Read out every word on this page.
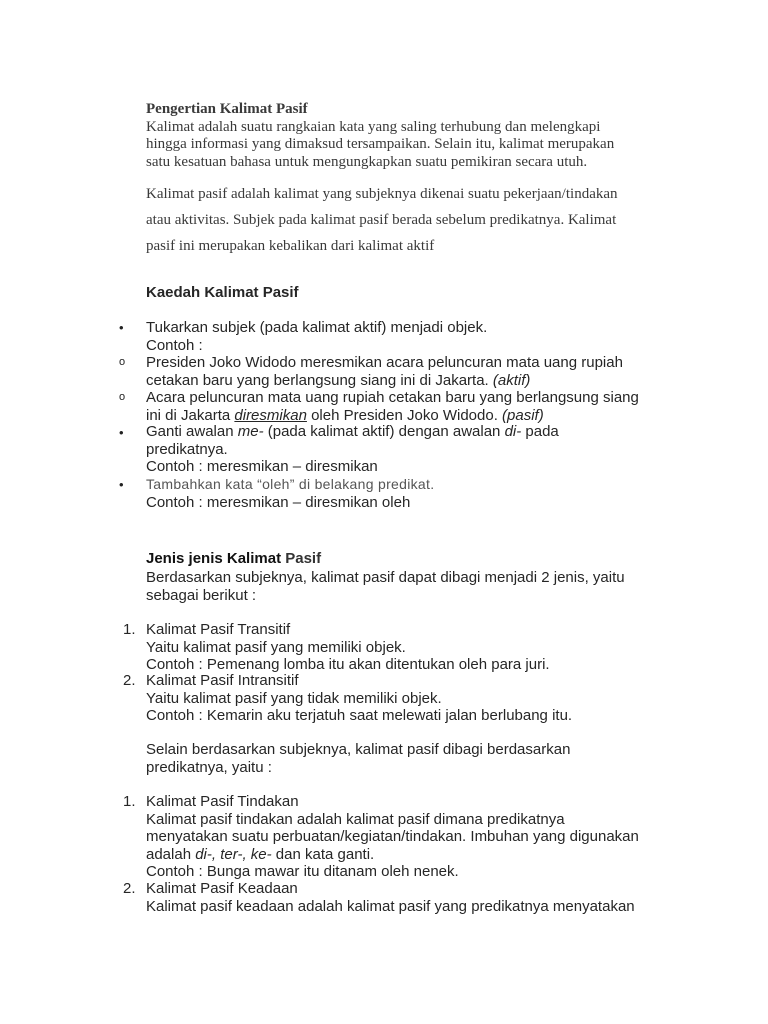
Pengertian Kalimat Pasif
Kalimat adalah suatu rangkaian kata yang saling terhubung dan melengkapi
hingga informasi yang dimaksud tersampaikan. Selain itu, kalimat merupakan
satu kesatuan bahasa untuk mengungkapkan suatu pemikiran secara utuh.
Kalimat pasif adalah kalimat yang subjeknya dikenai suatu pekerjaan/tindakan
atau aktivitas. Subjek pada kalimat pasif berada sebelum predikatnya. Kalimat
pasif ini merupakan kebalikan dari kalimat aktif
Kaedah Kalimat Pasif
• Tukarkan subjek (pada kalimat aktif) menjadi objek.
Contoh :
o Presiden Joko Widodo meresmikan acara peluncuran mata uang rupiah
cetakan baru yang berlangsung siang ini di Jakarta. (aktif)
o Acara peluncuran mata uang rupiah cetakan baru yang berlangsung siang
ini di Jakarta diresmikan oleh Presiden Joko Widodo. (pasif)
• Ganti awalan me- (pada kalimat aktif) dengan awalan di- pada
predikatnya.
Contoh : meresmikan – diresmikan
• Tambahkan kata “oleh” di belakang predikat.
Contoh : meresmikan – diresmikan oleh
Jenis jenis Kalimat Pasif
Berdasarkan subjeknya, kalimat pasif dapat dibagi menjadi 2 jenis, yaitu
sebagai berikut :
1. Kalimat Pasif Transitif
Yaitu kalimat pasif yang memiliki objek.
Contoh : Pemenang lomba itu akan ditentukan oleh para juri.
2. Kalimat Pasif Intransitif
Yaitu kalimat pasif yang tidak memiliki objek.
Contoh : Kemarin aku terjatuh saat melewati jalan berlubang itu.
Selain berdasarkan subjeknya, kalimat pasif dibagi berdasarkan
predikatnya, yaitu :
1. Kalimat Pasif Tindakan
Kalimat pasif tindakan adalah kalimat pasif dimana predikatnya
menyatakan suatu perbuatan/kegiatan/tindakan. Imbuhan yang digunakan
adalah di-, ter-, ke- dan kata ganti.
Contoh : Bunga mawar itu ditanam oleh nenek.
2. Kalimat Pasif Keadaan
Kalimat pasif keadaan adalah kalimat pasif yang predikatnya menyatakan
